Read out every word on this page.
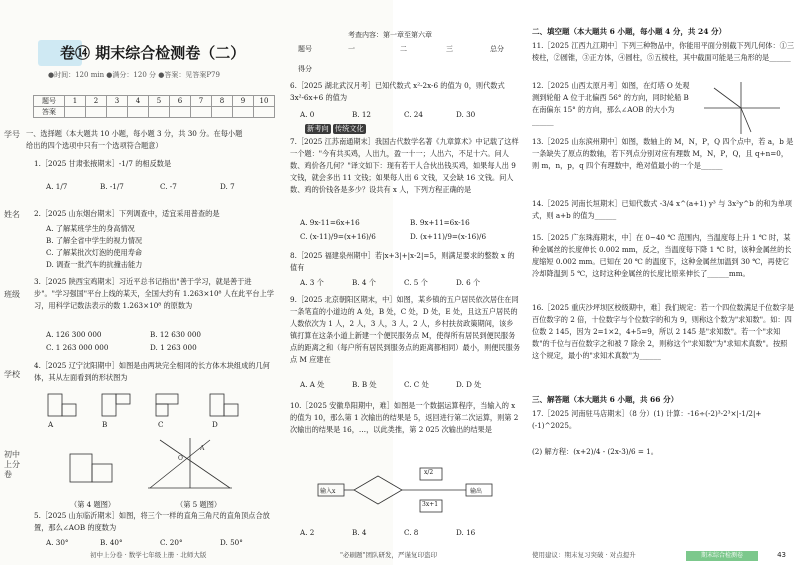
学号
姓名
班级
学校
初中上分卷
卷⑭ 期末综合检测卷（二）
●时间：120 min ●满分：120 分 ●答案：见答案P79
题号	1	2	3	4	5	6	7	8	9	10
答案										
一、选择题（本大题共 10 小题，每小题 3 分，共 30 分。在每小题给出的四个选项中只有一个选项符合题意）
1.［2025 甘肃张掖期末］-1/7 的相反数是
A. 1/7	B. -1/7	C. -7	D. 7
2.［2025 山东烟台期末］下列调查中，适宜采用普查的是
A. 了解某班学生的身高情况
B. 了解全省中学生的视力情况
C. 了解某批次灯泡的使用寿命
D. 调查一批汽车的抗撞击能力
3.［2025 陕西宝鸡期末］习近平总书记指出"善于学习，就是善于进步"。"学习强国"平台上线的某天，全国大约有 1.263×10⁸ 人在此平台上学习，用科学记数法表示的数 1.263×10⁸ 的原数为
A. 126 300 000	B. 12 630 000
C. 1 263 000 000	D. 1 263 000
4.［2025 辽宁沈阳期中］如图是由两块完全相同的长方体木块组成的几何体，其从左面看到的形状图为
A	B	C	D
O
A
（第 4 题图）	（第 5 题图）
5.［2025 山东临沂期末］如图，将三个一样的直角三角尺的直角顶点合放置，那么∠AOB 的度数为
A. 30°	B. 40°	C. 20°	D. 50°
初中上分卷 · 数学七年级上册 · 北师大版
考查内容：第一章至第六章
题号	一	二	三	总分
得分
6.［2025 湖北武汉月考］已知代数式 x²-2x-6 的值为 0，则代数式 3x²-6x+6 的值为
A. 0	B. 12	C. 24	D. 30
新考向 传统文化
7.［2025 江苏南通期末］我国古代数学名著《九章算术》中记载了这样一个题："今有共买鸡，人出九，盈一十一；人出六，不足十六。问人数、鸡价各几何？"译文如下：现有若干人合伙出钱买鸡，如果每人出 9 文钱，就会多出 11 文钱；如果每人出 6 文钱，又会缺 16 文钱。问人数、鸡的价钱各是多少？设共有 x 人，下列方程正确的是
A. 9x-11=6x+16	B. 9x+11=6x-16
C. (x-11)/9=(x+16)/6	D. (x+11)/9=(x-16)/6
8.［2025 福建泉州期中］若|x+3|+|x-2|=5，则满足要求的整数 x 的值有
A. 3 个	B. 4 个	C. 5 个	D. 6 个
9.［2025 北京朝阳区期末，中］如图，某乡镇的五户居民依次居住在同一条笔直的小道边的 A 处，B 处，C 处，D 处，E 处，且这五户居民的人数依次为 1 人，2 人，3 人，3 人，2 人，乡村扶贫政策期间，该乡镇打算在这条小道上新建一个便民服务点 M，使得所有居民到便民服务点的距离之和（每户所有居民到服务点的距离都相同）最小，则便民服务点 M 应建在
A. A 处	B. B 处	C. C 处	D. D 处
10.［2025 安徽阜阳期中，难］如图是一个数据运算程序，当输入的 x 的值为 10，那么第 1 次输出的结果是 5，返回进行第二次运算，则第 2 次输出的结果是 16，…，以此类推，第 2 025 次输出的结果是
输入x
x/2
3x+1
输出
A. 2	B. 4	C. 8	D. 16
"必刷题"团队研发，严谨复印盗印
二、填空题（本大题共 6 小题，每小题 4 分，共 24 分）
11.［2025 江西九江期中］下列三种物品中，你能用平面分别截下列几何体：①三棱柱，②圆锥，③正方体，④圆柱，⑤五棱柱，其中截面可能是三角形的是______
12.［2025 山西太原月考］如图，在灯塔 O 处观测到轮船 A 位于北偏西 56° 的方向，同时轮船 B 在南偏东 15° 的方向，那么∠AOB 的大小为______
13.［2025 山东滨州期中］如图，数轴上的 M，N，P，Q 四个点中，若 a，b 是一条缺失了原点的数轴，若下列点分别对应有理数 M，N，P，Q，且 q+n=0，则 m，n，p，q 四个有理数中，绝对值最小的一个是______
14.［2025 河南长垣期末］已知代数式 -3/4 x^(a+1) y³ 与 3x²y^b 的和为单项式，则 a+b 的值为______
15.［2025 广东珠海期末，中］在 0~40 ℃ 范围内，当温度每上升 1 ℃ 时，某种金属丝的长度伸长 0.002 mm，反之，当温度每下降 1 ℃ 时，该种金属丝的长度缩短 0.002 mm。已知在 20 ℃ 的温度下，这种金属丝加温到 30 ℃，再使它冷却降温到 5 ℃，这时这种金属丝的长度比原来伸长了______mm。
16.［2025 重庆沙坪坝区校级期中，难］我们规定：若一个四位数满足千位数字是百位数字的 2 倍，十位数字与个位数字的和为 9，则称这个数为"求知数"。如：四位数 2 145，因为 2=1×2，4+5=9，所以 2 145 是"求知数"。若一个"求知数"的千位与百位数字之和被 7 除余 2，则称这个"求知数"为"求知术真数"。按照这个规定，最小的"求知术真数"为______
三、解答题（本大题共 6 小题，共 66 分）
17.［2025 河南驻马店期末］（8 分）(1) 计算：-16÷(-2)³-2³×|-1/2|+(-1)^2025。
(2) 解方程：(x+2)/4 - (2x-3)/6 = 1。
使用建议：期末复习突破 · 对点提升	期末综合检测卷	43
